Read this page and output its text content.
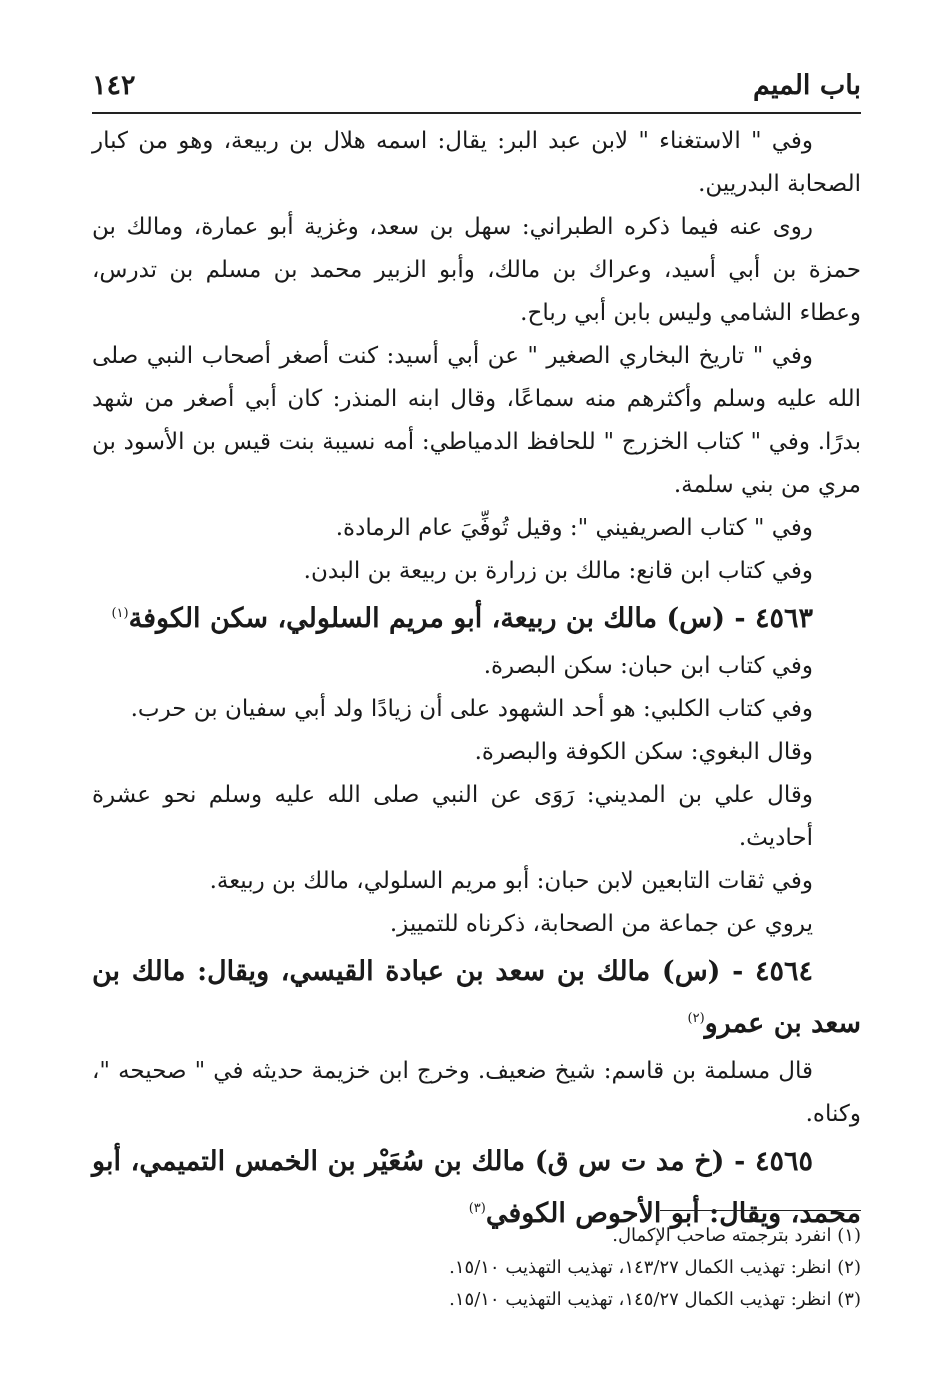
باب الميم
١٤٢

وفي " الاستغناء " لابن عبد البر: يقال: اسمه هلال بن ربيعة، وهو من كبار الصحابة البدريين.

روى عنه فيما ذكره الطبراني: سهل بن سعد، وغزية أبو عمارة، ومالك بن حمزة بن أبي أسيد، وعراك بن مالك، وأبو الزبير محمد بن مسلم بن تدرس، وعطاء الشامي وليس بابن أبي رباح.

وفي " تاريخ البخاري الصغير " عن أبي أسيد: كنت أصغر أصحاب النبي صلى الله عليه وسلم وأكثرهم منه سماعًا، وقال ابنه المنذر: كان أبي أصغر من شهد بدرًا. وفي " كتاب الخزرج " للحافظ الدمياطي: أمه نسيبة بنت قيس بن الأسود بن مري من بني سلمة.

وفي " كتاب الصريفيني ": وقيل تُوفِّيَ عام الرمادة.

وفي كتاب ابن قانع: مالك بن زرارة بن ربيعة بن البدن.

٤٥٦٣ - (س) مالك بن ربيعة، أبو مريم السلولي، سكن الكوفة$^{(١)}$

وفي كتاب ابن حبان: سكن البصرة.

وفي كتاب الكلبي: هو أحد الشهود على أن زيادًا ولد أبي سفيان بن حرب.

وقال البغوي: سكن الكوفة والبصرة.

وقال علي بن المديني: رَوَى عن النبي صلى الله عليه وسلم نحو عشرة أحاديث.

وفي ثقات التابعين لابن حبان: أبو مريم السلولي، مالك بن ربيعة.

يروي عن جماعة من الصحابة، ذكرناه للتمييز.

٤٥٦٤ - (س) مالك بن سعد بن عبادة القيسي، ويقال: مالك بن سعد بن عمرو$^{(٢)}$

قال مسلمة بن قاسم: شيخ ضعيف. وخرج ابن خزيمة حديثه في " صحيحه "، وكناه.

٤٥٦٥ - (خ مد ت س ق) مالك بن سُعَيْر بن الخمس التميمي، أبو محمد، ويقال: أبو الأحوص الكوفي$^{(٣)}$

(١) انفرد بترجمته صاحب الإكمال.

(٢) انظر: تهذيب الكمال ١٤٣/٢٧، تهذيب التهذيب ١٥/١٠.

(٣) انظر: تهذيب الكمال ١٤٥/٢٧، تهذيب التهذيب ١٥/١٠.
